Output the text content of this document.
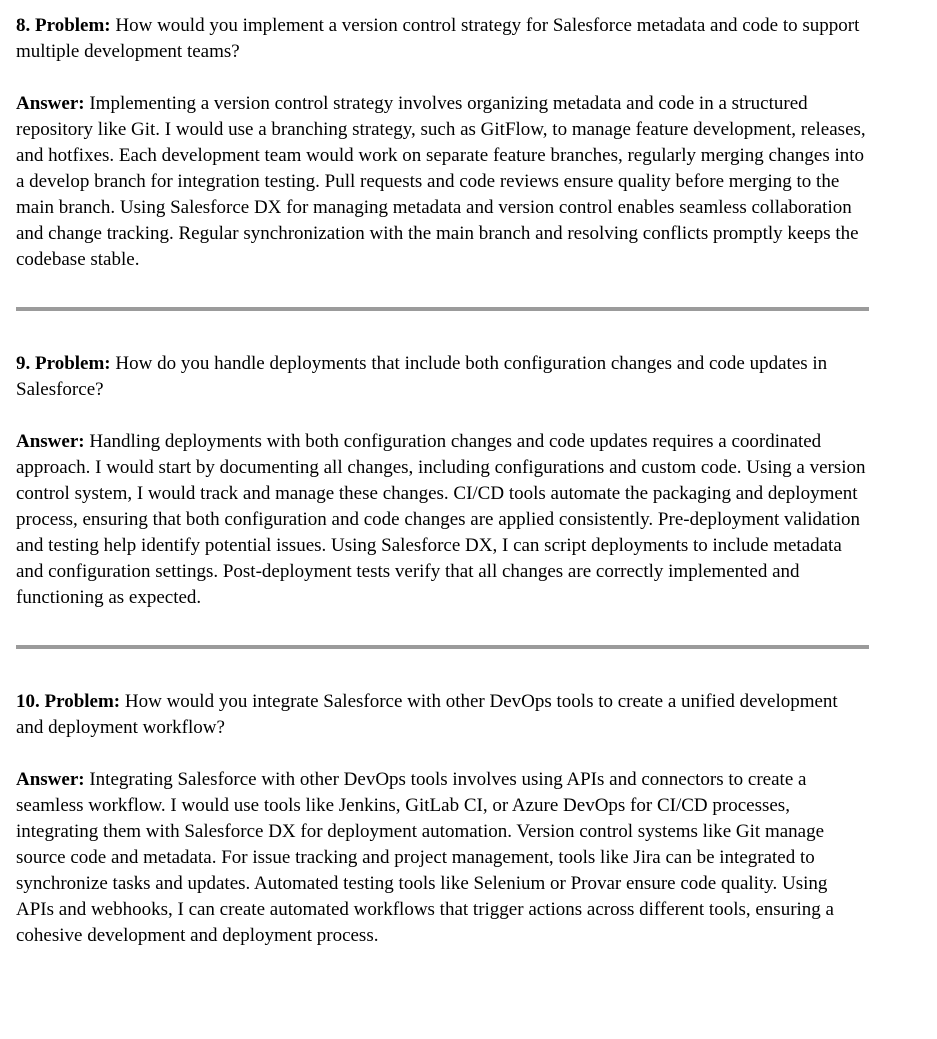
8. Problem: How would you implement a version control strategy for Salesforce metadata and code to support multiple development teams?

Answer: Implementing a version control strategy involves organizing metadata and code in a structured repository like Git. I would use a branching strategy, such as GitFlow, to manage feature development, releases, and hotfixes. Each development team would work on separate feature branches, regularly merging changes into a develop branch for integration testing. Pull requests and code reviews ensure quality before merging to the main branch. Using Salesforce DX for managing metadata and version control enables seamless collaboration and change tracking. Regular synchronization with the main branch and resolving conflicts promptly keeps the codebase stable.

9. Problem: How do you handle deployments that include both configuration changes and code updates in Salesforce?

Answer: Handling deployments with both configuration changes and code updates requires a coordinated approach. I would start by documenting all changes, including configurations and custom code. Using a version control system, I would track and manage these changes. CI/CD tools automate the packaging and deployment process, ensuring that both configuration and code changes are applied consistently. Pre-deployment validation and testing help identify potential issues. Using Salesforce DX, I can script deployments to include metadata and configuration settings. Post-deployment tests verify that all changes are correctly implemented and functioning as expected.

10. Problem: How would you integrate Salesforce with other DevOps tools to create a unified development and deployment workflow?

Answer: Integrating Salesforce with other DevOps tools involves using APIs and connectors to create a seamless workflow. I would use tools like Jenkins, GitLab CI, or Azure DevOps for CI/CD processes, integrating them with Salesforce DX for deployment automation. Version control systems like Git manage source code and metadata. For issue tracking and project management, tools like Jira can be integrated to synchronize tasks and updates. Automated testing tools like Selenium or Provar ensure code quality. Using APIs and webhooks, I can create automated workflows that trigger actions across different tools, ensuring a cohesive development and deployment process.
